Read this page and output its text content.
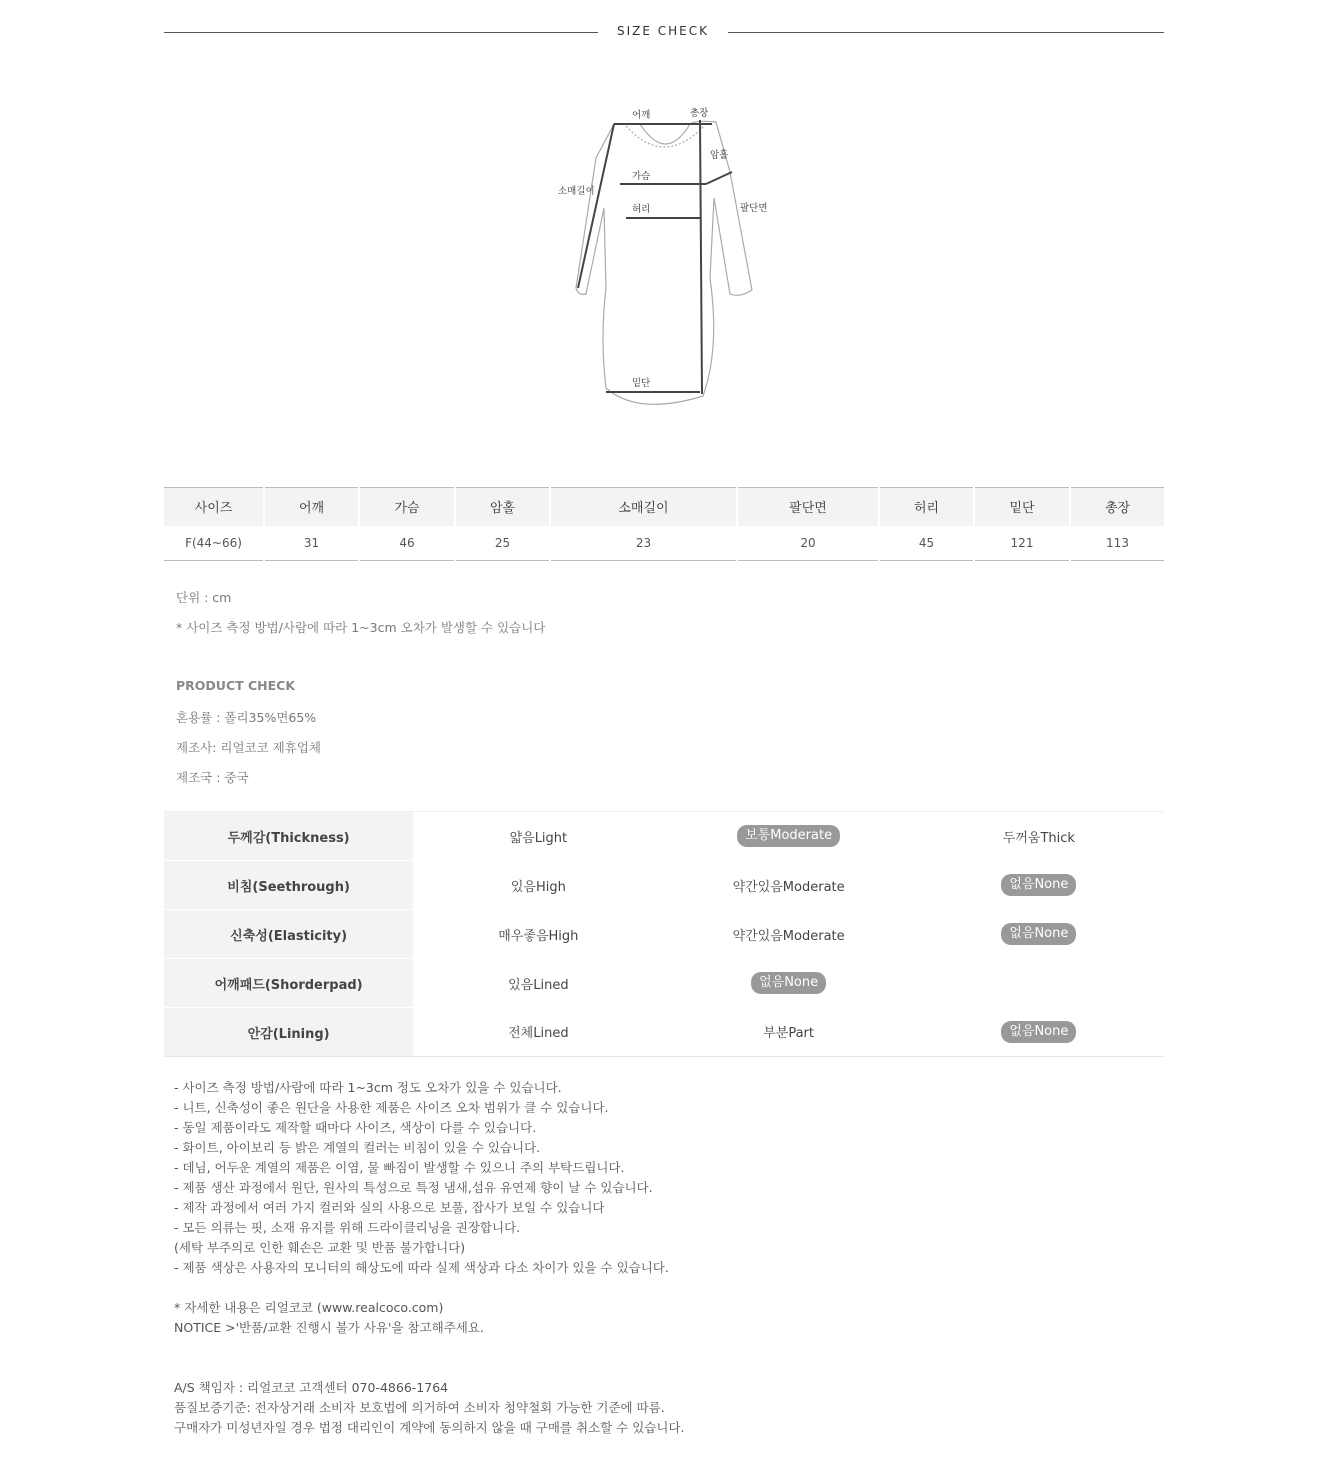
SIZE CHECK
어깨	총장
암홀
소매길이
가슴
허리	팔단면
밑단
사이즈	어깨	가슴	암홀	소매길이	팔단면	허리	밑단	총장
F(44~66)	31	46	25	23	20	45	121	113
단위 : cm
* 사이즈 측정 방법/사람에 따라 1~3cm 오차가 발생할 수 있습니다
PRODUCT CHECK
혼용률 : 폴리35%면65%
제조사: 리얼코코 제휴업체
제조국 : 중국
두께감(Thickness)	얇음Light	보통Moderate	두꺼움Thick
비침(Seethrough)	있음High	약간있음Moderate	없음None
신축성(Elasticity)	매우좋음High	약간있음Moderate	없음None
어깨패드(Shorderpad)	있음Lined	없음None	
안감(Lining)	전체Lined	부분Part	없음None
- 사이즈 측정 방법/사람에 따라 1~3cm 정도 오차가 있을 수 있습니다.
- 니트, 신축성이 좋은 원단을 사용한 제품은 사이즈 오차 범위가 클 수 있습니다.
- 동일 제품이라도 제작할 때마다 사이즈, 색상이 다를 수 있습니다.
- 화이트, 아이보리 등 밝은 계열의 컬러는 비침이 있을 수 있습니다.
- 데님, 어두운 계열의 제품은 이염, 물 빠짐이 발생할 수 있으니 주의 부탁드립니다.
- 제품 생산 과정에서 원단, 원사의 특성으로 특정 냄새,섬유 유연제 향이 날 수 있습니다.
- 제작 과정에서 여러 가지 컬러와 실의 사용으로 보풀, 잡사가 보일 수 있습니다
- 모든 의류는 핏, 소재 유지를 위해 드라이클리닝을 권장합니다.
(세탁 부주의로 인한 훼손은 교환 및 반품 불가합니다)
- 제품 색상은 사용자의 모니터의 해상도에 따라 실제 색상과 다소 차이가 있을 수 있습니다.
* 자세한 내용은 리얼코코 (www.realcoco.com)
NOTICE >'반품/교환 진행시 불가 사유'을 참고해주세요.
A/S 책임자 : 리얼코코 고객센터 070-4866-1764
품질보증기준: 전자상거래 소비자 보호법에 의거하여 소비자 청약철회 가능한 기준에 따름.
구매자가 미성년자일 경우 법정 대리인이 계약에 동의하지 않을 때 구매를 취소할 수 있습니다.
